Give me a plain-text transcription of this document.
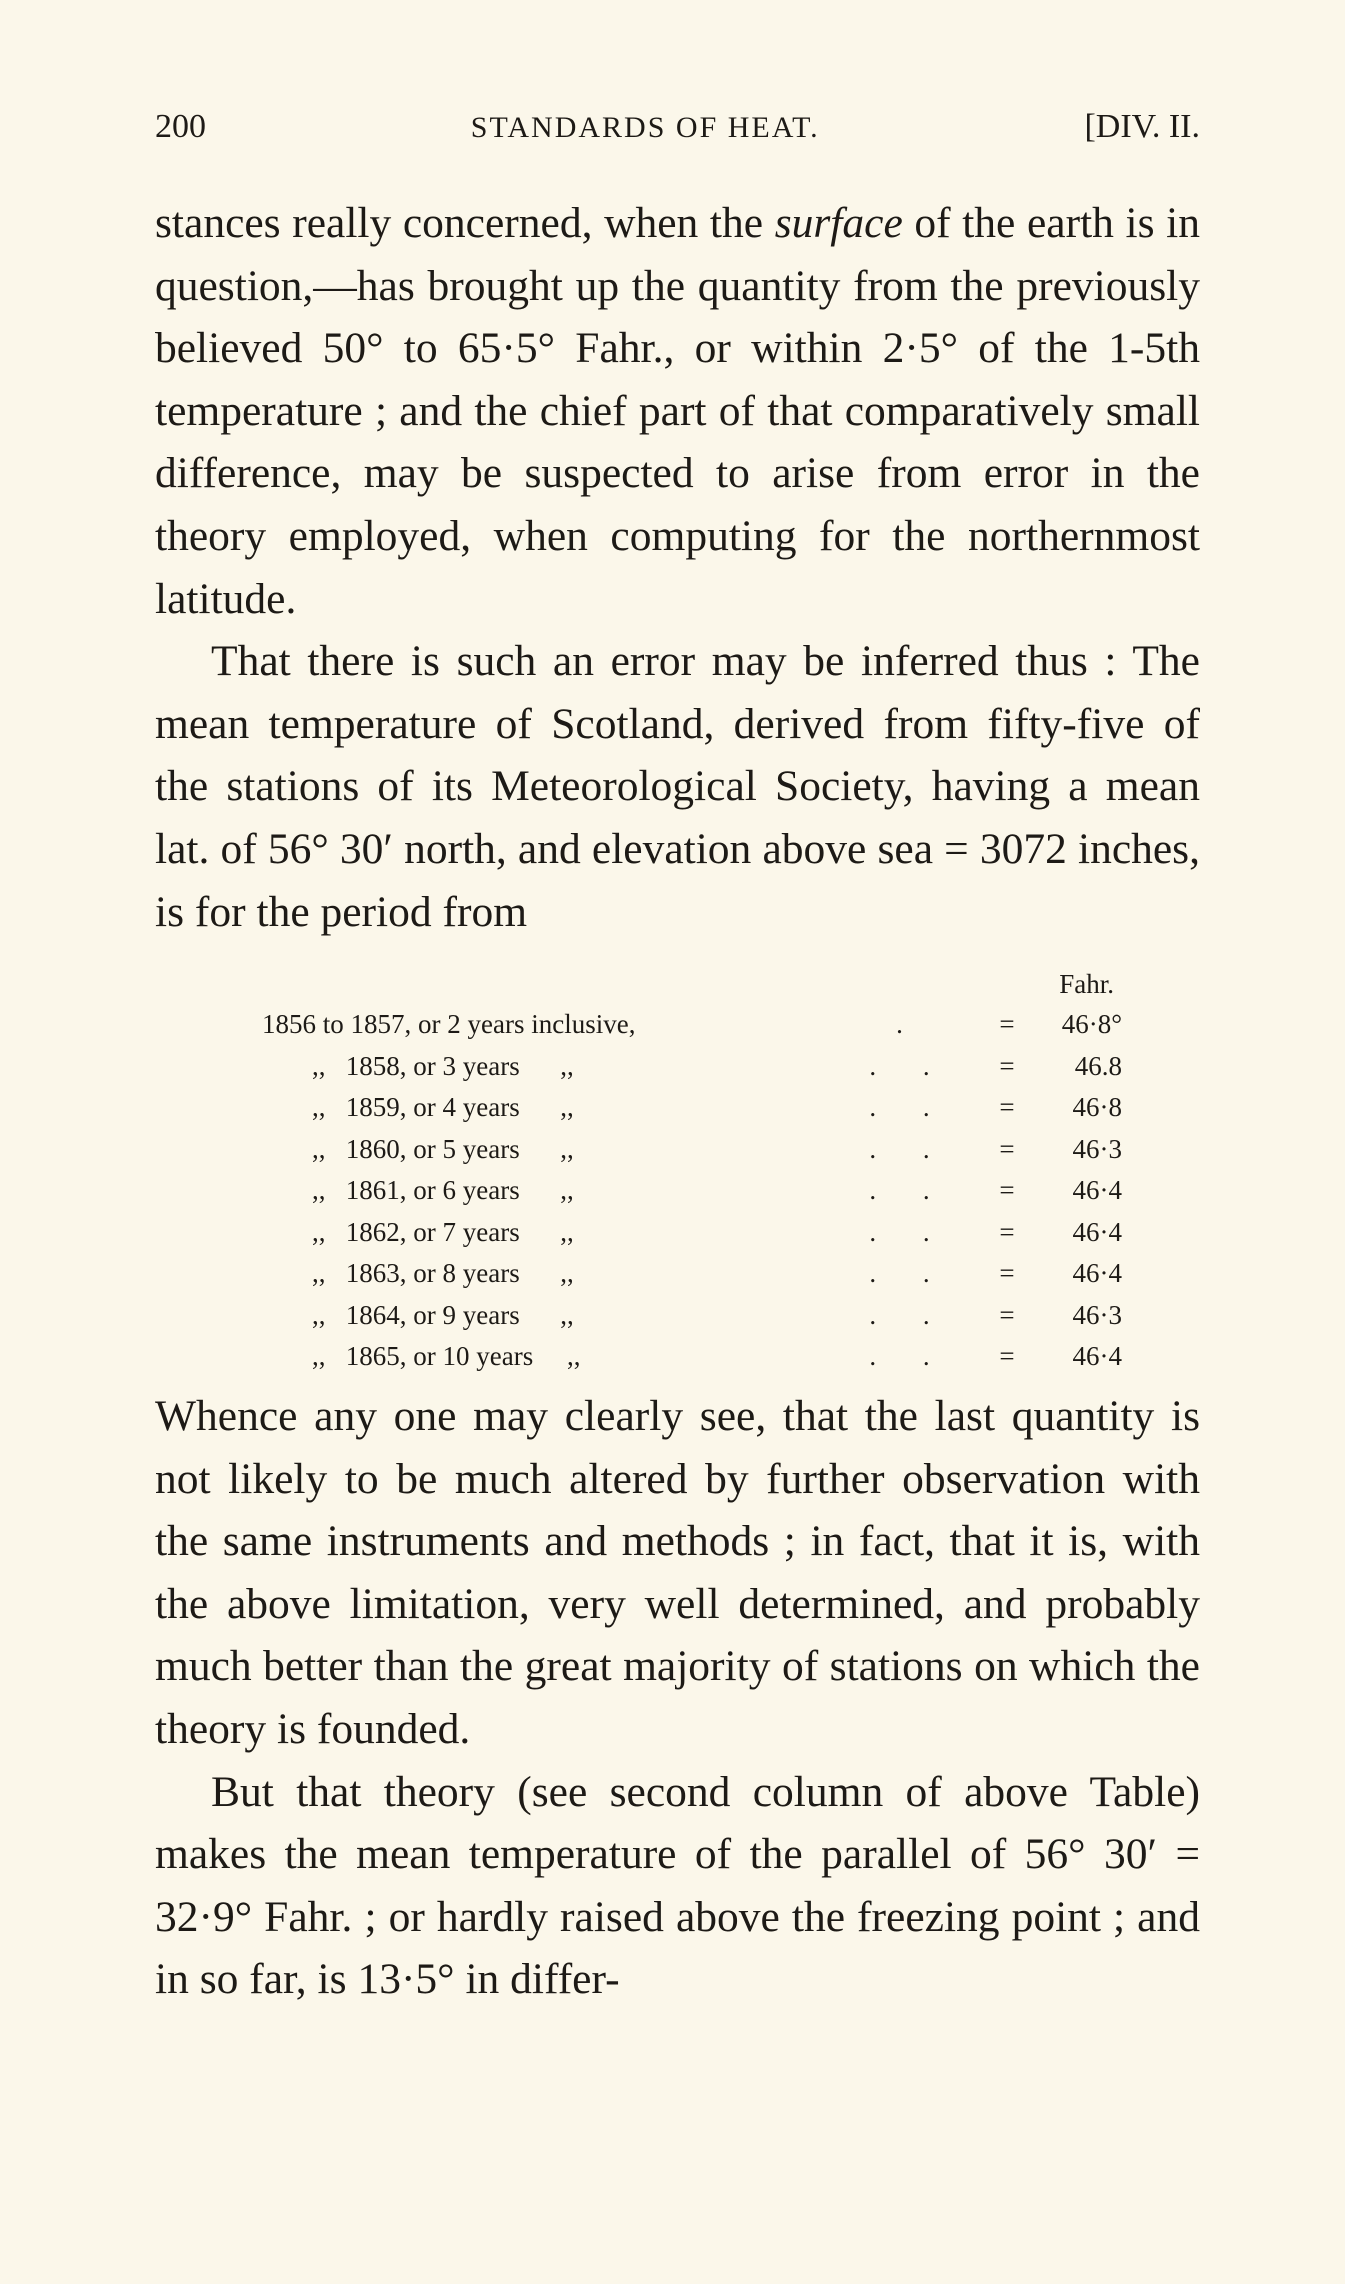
200	STANDARDS OF HEAT.	[DIV. II.

stances really concerned, when the surface of the earth is in question,—has brought up the quantity from the previously believed 50° to 65·5° Fahr., or within 2·5° of the 1-5th temperature ; and the chief part of that comparatively small difference, may be suspected to arise from error in the theory employed, when computing for the northernmost latitude.

That there is such an error may be inferred thus : The mean temperature of Scotland, derived from fifty-five of the stations of its Meteorological Society, having a mean lat. of 56° 30′ north, and elevation above sea = 3072 inches, is for the period from

Fahr.
1856 to 1857, or 2 years inclusive,	.	=	46·8°
,,   1858, or 3 years      ,,	. .	=	46.8
,,   1859, or 4 years      ,,	. .	=	46·8
,,   1860, or 5 years      ,,	. .	=	46·3
,,   1861, or 6 years      ,,	. .	=	46·4
,,   1862, or 7 years      ,,	. .	=	46·4
,,   1863, or 8 years      ,,	. .	=	46·4
,,   1864, or 9 years      ,,	. .	=	46·3
,,   1865, or 10 years     ,,	. .	=	46·4

Whence any one may clearly see, that the last quantity is not likely to be much altered by further observation with the same instruments and methods ; in fact, that it is, with the above limitation, very well determined, and probably much better than the great majority of stations on which the theory is founded.

But that theory (see second column of above Table) makes the mean temperature of the parallel of 56° 30′ = 32·9° Fahr. ; or hardly raised above the freezing point ; and in so far, is 13·5° in differ-
